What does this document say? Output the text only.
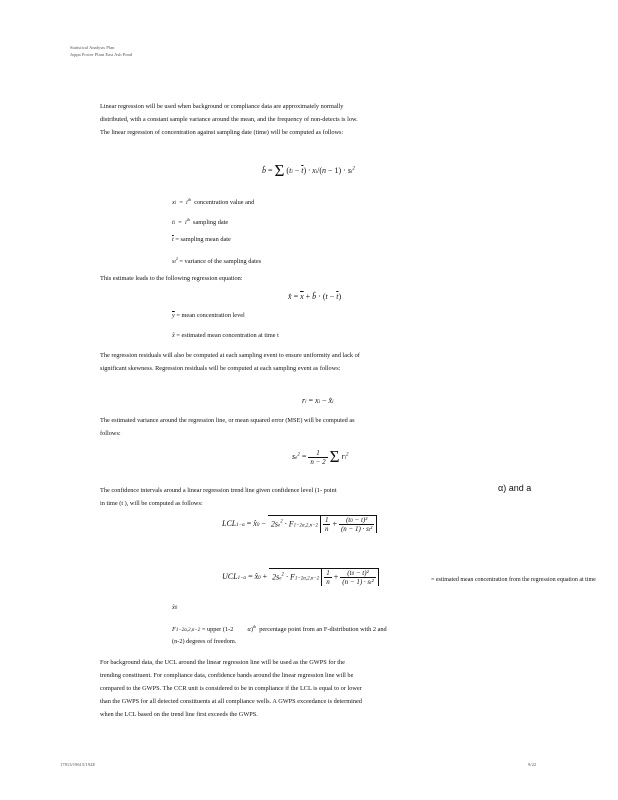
Statistical Analysis Plan
Joppa Power Plant East Ash Pond

Linear regression will be used when background or compliance data are approximately normally distributed, with a constant sample variance around the mean, and the frequency of non-detects is low. The linear regression of concentration against sampling date (time) will be computed as follows:

b̂ = Σ $(ti - \overline{t}) \cdot xi/(n - 1) \cdot st^2$
xi  =  $i^{th}$ concentration value and
ti  =  $i^{th}$ sampling date
$\overline{t}$ = sampling mean date
$st^2$ = variance of the sampling dates

This estimate leads to the following regression equation:

x̂ = $\overline{x}$ + b̂ · $(t - \overline{t})$
$\overline{y}$ = mean concentration level
x̂ = estimated mean concentration at time t

The regression residuals will also be computed at each sampling event to ensure uniformity and lack of significant skewness. Regression residuals will be computed at each sampling event as follows:

ri = xi − x̂i

The estimated variance around the regression line, or mean squared error (MSE) will be computed as follows:

$se^2 = \frac{1}{n - 2}$ Σ $ri^2$

The confidence intervals around a linear regression trend line given confidence level (1- point in time (t ), will be computed as follows:

α) and a
LCL1−α = x̂0 − $2se^2 \cdot F1-2\alpha,2,n-2 \frac{1}{n} + \frac{(t0 - \overline{t})^2}{\text{(n − 1) · st²}}$
UCL1−α = x̂0 + $2se^2 \cdot F1-2\alpha,2,n-2 \frac{1}{n} + \frac{(t0 - \overline{t})^2}{\text{(n − 1) · st²}}$	= estimated mean concentration from the regression equation at time
x̂0
F1−2α,2,n−2 = upper (1-2 α)$^{th}$ percentage point from an F-distribution with 2 and
(n-2) degrees of freedom.

For background data, the UCL around the linear regression line will be used as the GWPS for the trending constituent. For compliance data, confidence bands around the linear regression line will be compared to the GWPS. The CCR unit is considered to be in compliance if the LCL is equal to or lower than the GWPS for all detected constituents at all compliance wells. A GWPS exceedance is determined when the LCL based on the trend line first exceeds the GWPS.

17813/19615/192E	9/22
